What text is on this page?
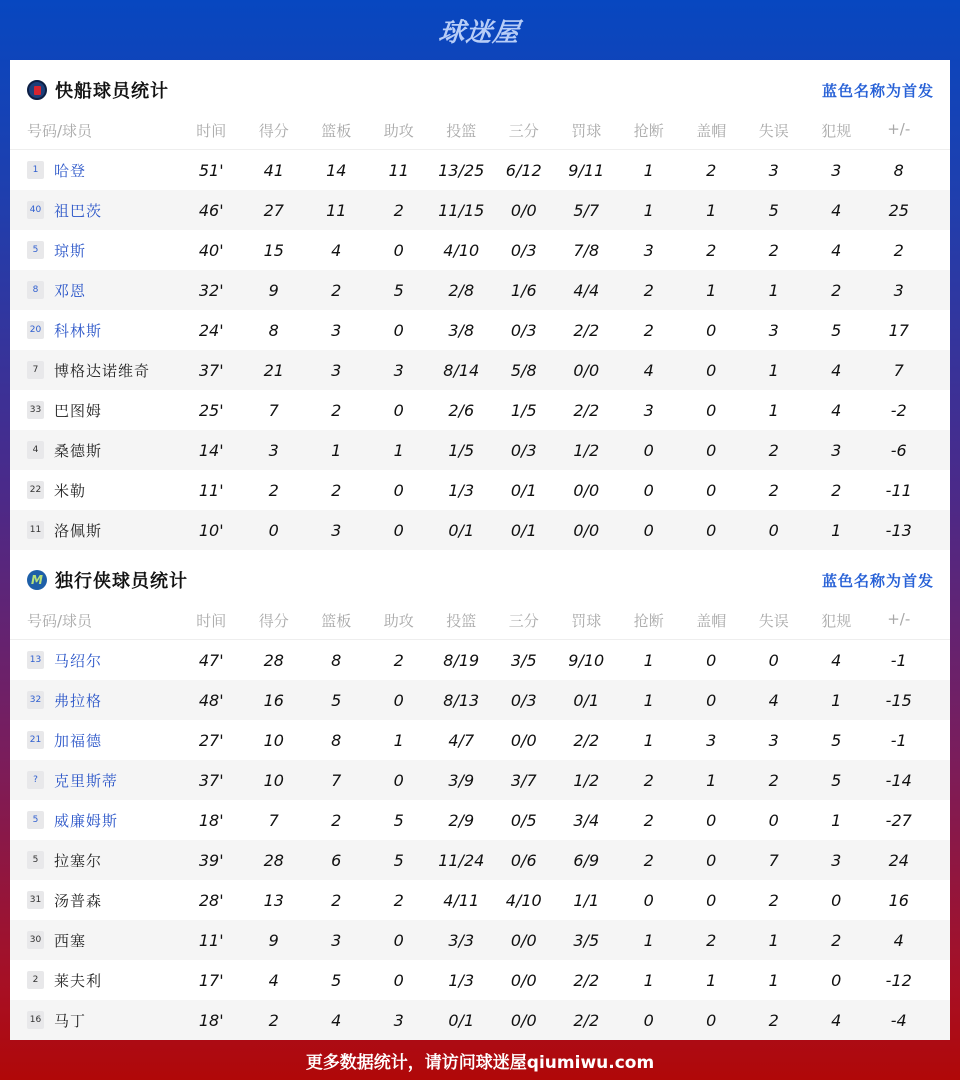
球迷屋
快船球员统计	蓝色名称为首发
号码/球员	时间	得分	篮板	助攻	投篮	三分	罚球	抢断	盖帽	失误	犯规	+/-
1	哈登	51'	41	14	11	13/25	6/12	9/11	1	2	3	3	8
40 祖巴茨	46'	27	11	2	11/15	0/0	5/7	1	1	5	4	25
5	琼斯	40'	15	4	0	4/10	0/3	7/8	3	2	2	4	2
8	邓恩	32'	9	2	5	2/8	1/6	4/4	2	1	1	2	3
20 科林斯	24'	8	3	0	3/8	0/3	2/2	2	0	3	5	17
7	博格达诺维奇	37'	21	3	3	8/14	5/8	0/0	4	0	1	4	7
33 巴图姆	25'	7	2	0	2/6	1/5	2/2	3	0	1	4	-2
4	桑德斯	14'	3	1	1	1/5	0/3	1/2	0	0	2	3	-6
22 米勒	11'	2	2	0	1/3	0/1	0/0	0	0	2	2	-11
11 洛佩斯	10'	0	3	0	0/1	0/1	0/0	0	0	0	1	-13
M 独行侠球员统计	蓝色名称为首发
号码/球员	时间	得分	篮板	助攻	投篮	三分	罚球	抢断	盖帽	失误	犯规	+/-
13 马绍尔	47'	28	8	2	8/19	3/5	9/10	1	0	0	4	-1
32 弗拉格	48'	16	5	0	8/13	0/3	0/1	1	0	4	1	-15
21 加福德	27'	10	8	1	4/7	0/0	2/2	1	3	3	5	-1
?	克里斯蒂	37'	10	7	0	3/9	3/7	1/2	2	1	2	5	-14
5	威廉姆斯	18'	7	2	5	2/9	0/5	3/4	2	0	0	1	-27
5	拉塞尔	39'	28	6	5	11/24	0/6	6/9	2	0	7	3	24
31 汤普森	28'	13	2	2	4/11	4/10	1/1	0	0	2	0	16
30 西塞	11'	9	3	0	3/3	0/0	3/5	1	2	1	2	4
2	莱夫利	17'	4	5	0	1/3	0/0	2/2	1	1	1	0	-12
16 马丁	18'	2	4	3	0/1	0/0	2/2	0	0	2	4	-4
更多数据统计，请访问球迷屋qiumiwu.com
